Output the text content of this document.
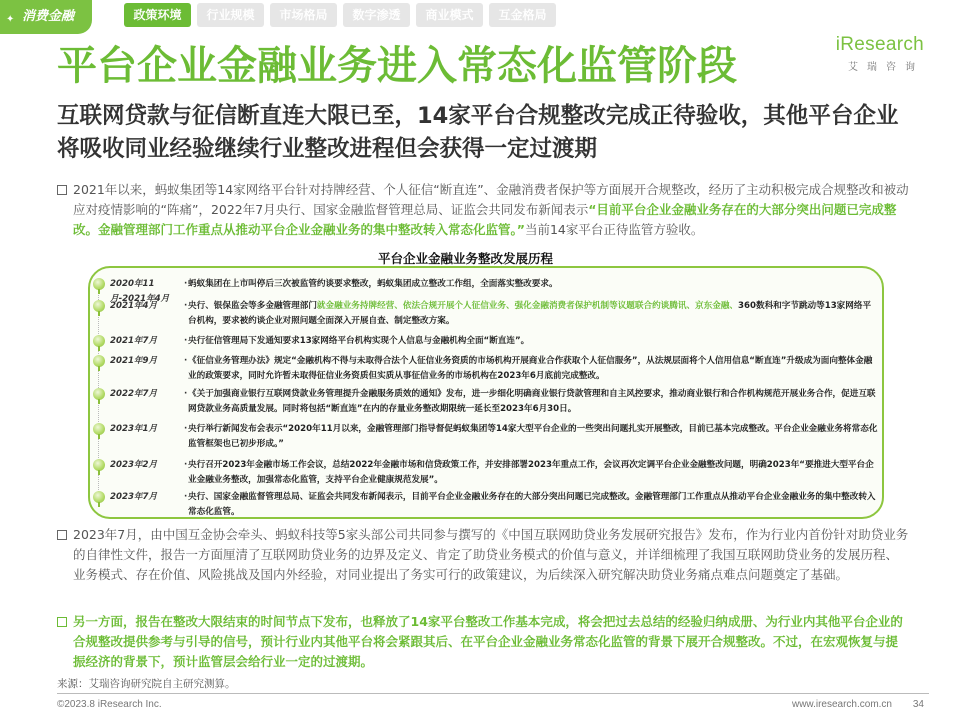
✦ 消费金融	政策环境	行业规模	市场格局	数字渗透	商业模式	互金格局
iResearch
艾瑞咨询
平台企业金融业务进入常态化监管阶段
互联网贷款与征信断直连大限已至，14家平台合规整改完成正待验收，其他平台企业将吸收同业经验继续行业整改进程但会获得一定过渡期
2021年以来，蚂蚁集团等14家网络平台针对持牌经营、个人征信“断直连”、金融消费者保护等方面展开合规整改，经历了主动积极完成合规整改和被动应对疫情影响的“阵痛”，2022年7月央行、国家金融监督管理总局、证监会共同发布新闻表示“目前平台企业金融业务存在的大部分突出问题已完成整改。金融管理部门工作重点从推动平台企业金融业务的集中整改转入常态化监管。”当前14家平台正待监管方验收。
平台企业金融业务整改发展历程
2020年11月-2021年4月
· 蚂蚁集团在上市叫停后三次被监管约谈要求整改，蚂蚁集团成立整改工作组，全面落实整改要求。
2021年4月	· 央行、银保监会等多金融管理部门就金融业务持牌经营、依法合规开展个人征信业务、强化金融消费者保护机制等议题联合约谈腾讯、京东金融、360数科和字节跳动等13家网络平台机构，要求被约谈企业对照问题全面深入开展自查、制定整改方案。
2021年7月	· 央行征信管理局下发通知要求13家网络平台机构实现个人信息与金融机构全面“断直连”。
2021年9月	· 《征信业务管理办法》规定“金融机构不得与未取得合法个人征信业务资质的市场机构开展商业合作获取个人征信服务”，从法规层面将个人信用信息“断直连”升级成为面向整体金融业的政策要求，同时允许暂未取得征信业务资质但实质从事征信业务的市场机构在2023年6月底前完成整改。
2022年7月	· 《关于加强商业银行互联网贷款业务管理提升金融服务质效的通知》发布，进一步细化明确商业银行贷款管理和自主风控要求，推动商业银行和合作机构规范开展业务合作，促进互联网贷款业务高质量发展。同时将包括“断直连”在内的存量业务整改期限统一延长至2023年6月30日。
2023年1月	· 央行举行新闻发布会表示“2020年11月以来，金融管理部门指导督促蚂蚁集团等14家大型平台企业的一些突出问题扎实开展整改，目前已基本完成整改。平台企业金融业务将常态化监管框架也已初步形成。”
2023年2月	· 央行召开2023年金融市场工作会议，总结2022年金融市场和信贷政策工作，并安排部署2023年重点工作，会议再次定调平台企业金融整改问题，明确2023年“要推进大型平台企业金融业务整改，加强常态化监管，支持平台企业健康规范发展”。
2023年7月	· 央行、国家金融监督管理总局、证监会共同发布新闻表示，目前平台企业金融业务存在的大部分突出问题已完成整改。金融管理部门工作重点从推动平台企业金融业务的集中整改转入常态化监管。
2023年7月，由中国互金协会牵头、蚂蚁科技等5家头部公司共同参与撰写的《中国互联网助贷业务发展研究报告》发布，作为行业内首份针对助贷业务的自律性文件，报告一方面厘清了互联网助贷业务的边界及定义、肯定了助贷业务模式的价值与意义，并详细梳理了我国互联网助贷业务的发展历程、业务模式、存在价值、风险挑战及国内外经验，对同业提出了务实可行的政策建议，为后续深入研究解决助贷业务痛点难点问题奠定了基础。
另一方面，报告在整改大限结束的时间节点下发布，也释放了14家平台整改工作基本完成，将会把过去总结的经验归纳成册、为行业内其他平台企业的合规整改提供参考与引导的信号，预计行业内其他平台将会紧跟其后、在平台企业金融业务常态化监管的背景下展开合规整改。不过，在宏观恢复与提振经济的背景下，预计监管层会给行业一定的过渡期。
来源：艾瑞咨询研究院自主研究测算。
©2023.8 iResearch Inc.	www.iresearch.com.cn 34
